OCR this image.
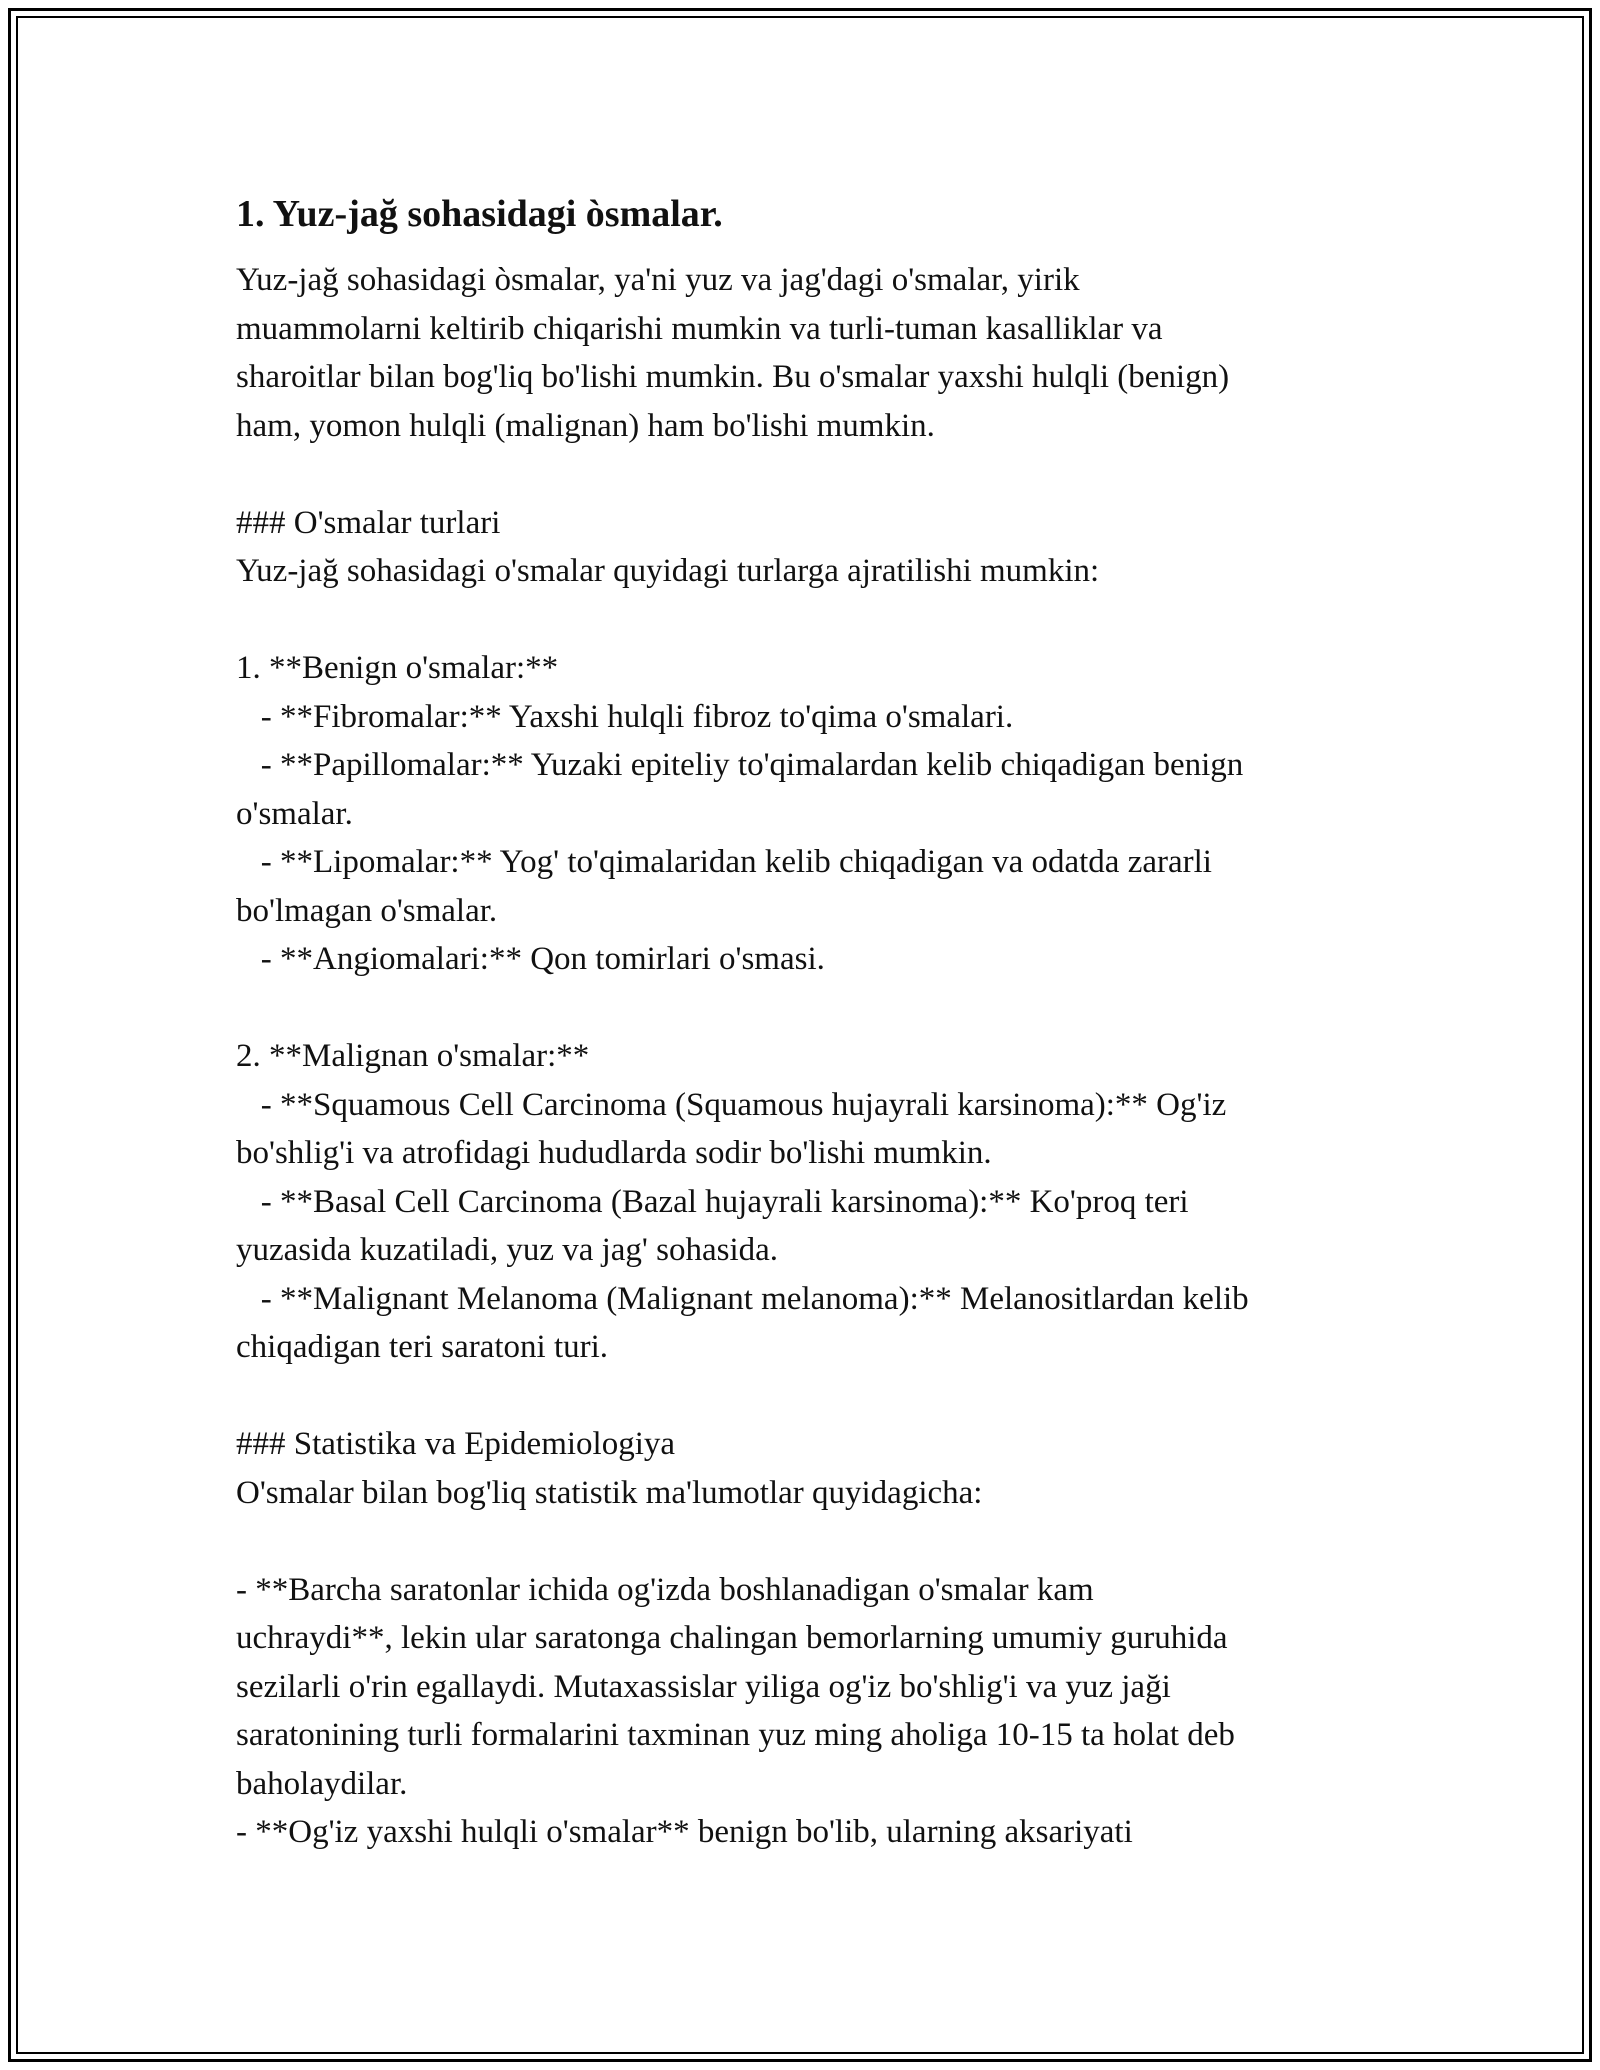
1. Yuz-jağ sohasidagi òsmalar.
Yuz-jağ sohasidagi òsmalar, ya'ni yuz va jag'dagi o'smalar, yirik
muammolarni keltirib chiqarishi mumkin va turli-tuman kasalliklar va
sharoitlar bilan bog'liq bo'lishi mumkin. Bu o'smalar yaxshi hulqli (benign)
ham, yomon hulqli (malignan) ham bo'lishi mumkin.
### O'smalar turlari
Yuz-jağ sohasidagi o'smalar quyidagi turlarga ajratilishi mumkin:
1. **Benign o'smalar:**
- **Fibromalar:** Yaxshi hulqli fibroz to'qima o'smalari.
- **Papillomalar:** Yuzaki epiteliy to'qimalardan kelib chiqadigan benign
o'smalar.
- **Lipomalar:** Yog' to'qimalaridan kelib chiqadigan va odatda zararli
bo'lmagan o'smalar.
- **Angiomalari:** Qon tomirlari o'smasi.
2. **Malignan o'smalar:**
- **Squamous Cell Carcinoma (Squamous hujayrali karsinoma):** Og'iz
bo'shlig'i va atrofidagi hududlarda sodir bo'lishi mumkin.
- **Basal Cell Carcinoma (Bazal hujayrali karsinoma):** Ko'proq teri
yuzasida kuzatiladi, yuz va jag' sohasida.
- **Malignant Melanoma (Malignant melanoma):** Melanositlardan kelib
chiqadigan teri saratoni turi.
### Statistika va Epidemiologiya
O'smalar bilan bog'liq statistik ma'lumotlar quyidagicha:
- **Barcha saratonlar ichida og'izda boshlanadigan o'smalar kam
uchraydi**, lekin ular saratonga chalingan bemorlarning umumiy guruhida
sezilarli o'rin egallaydi. Mutaxassislar yiliga og'iz bo'shlig'i va yuz jaği
saratonining turli formalarini taxminan yuz ming aholiga 10-15 ta holat deb
baholaydilar.
- **Og'iz yaxshi hulqli o'smalar** benign bo'lib, ularning aksariyati
